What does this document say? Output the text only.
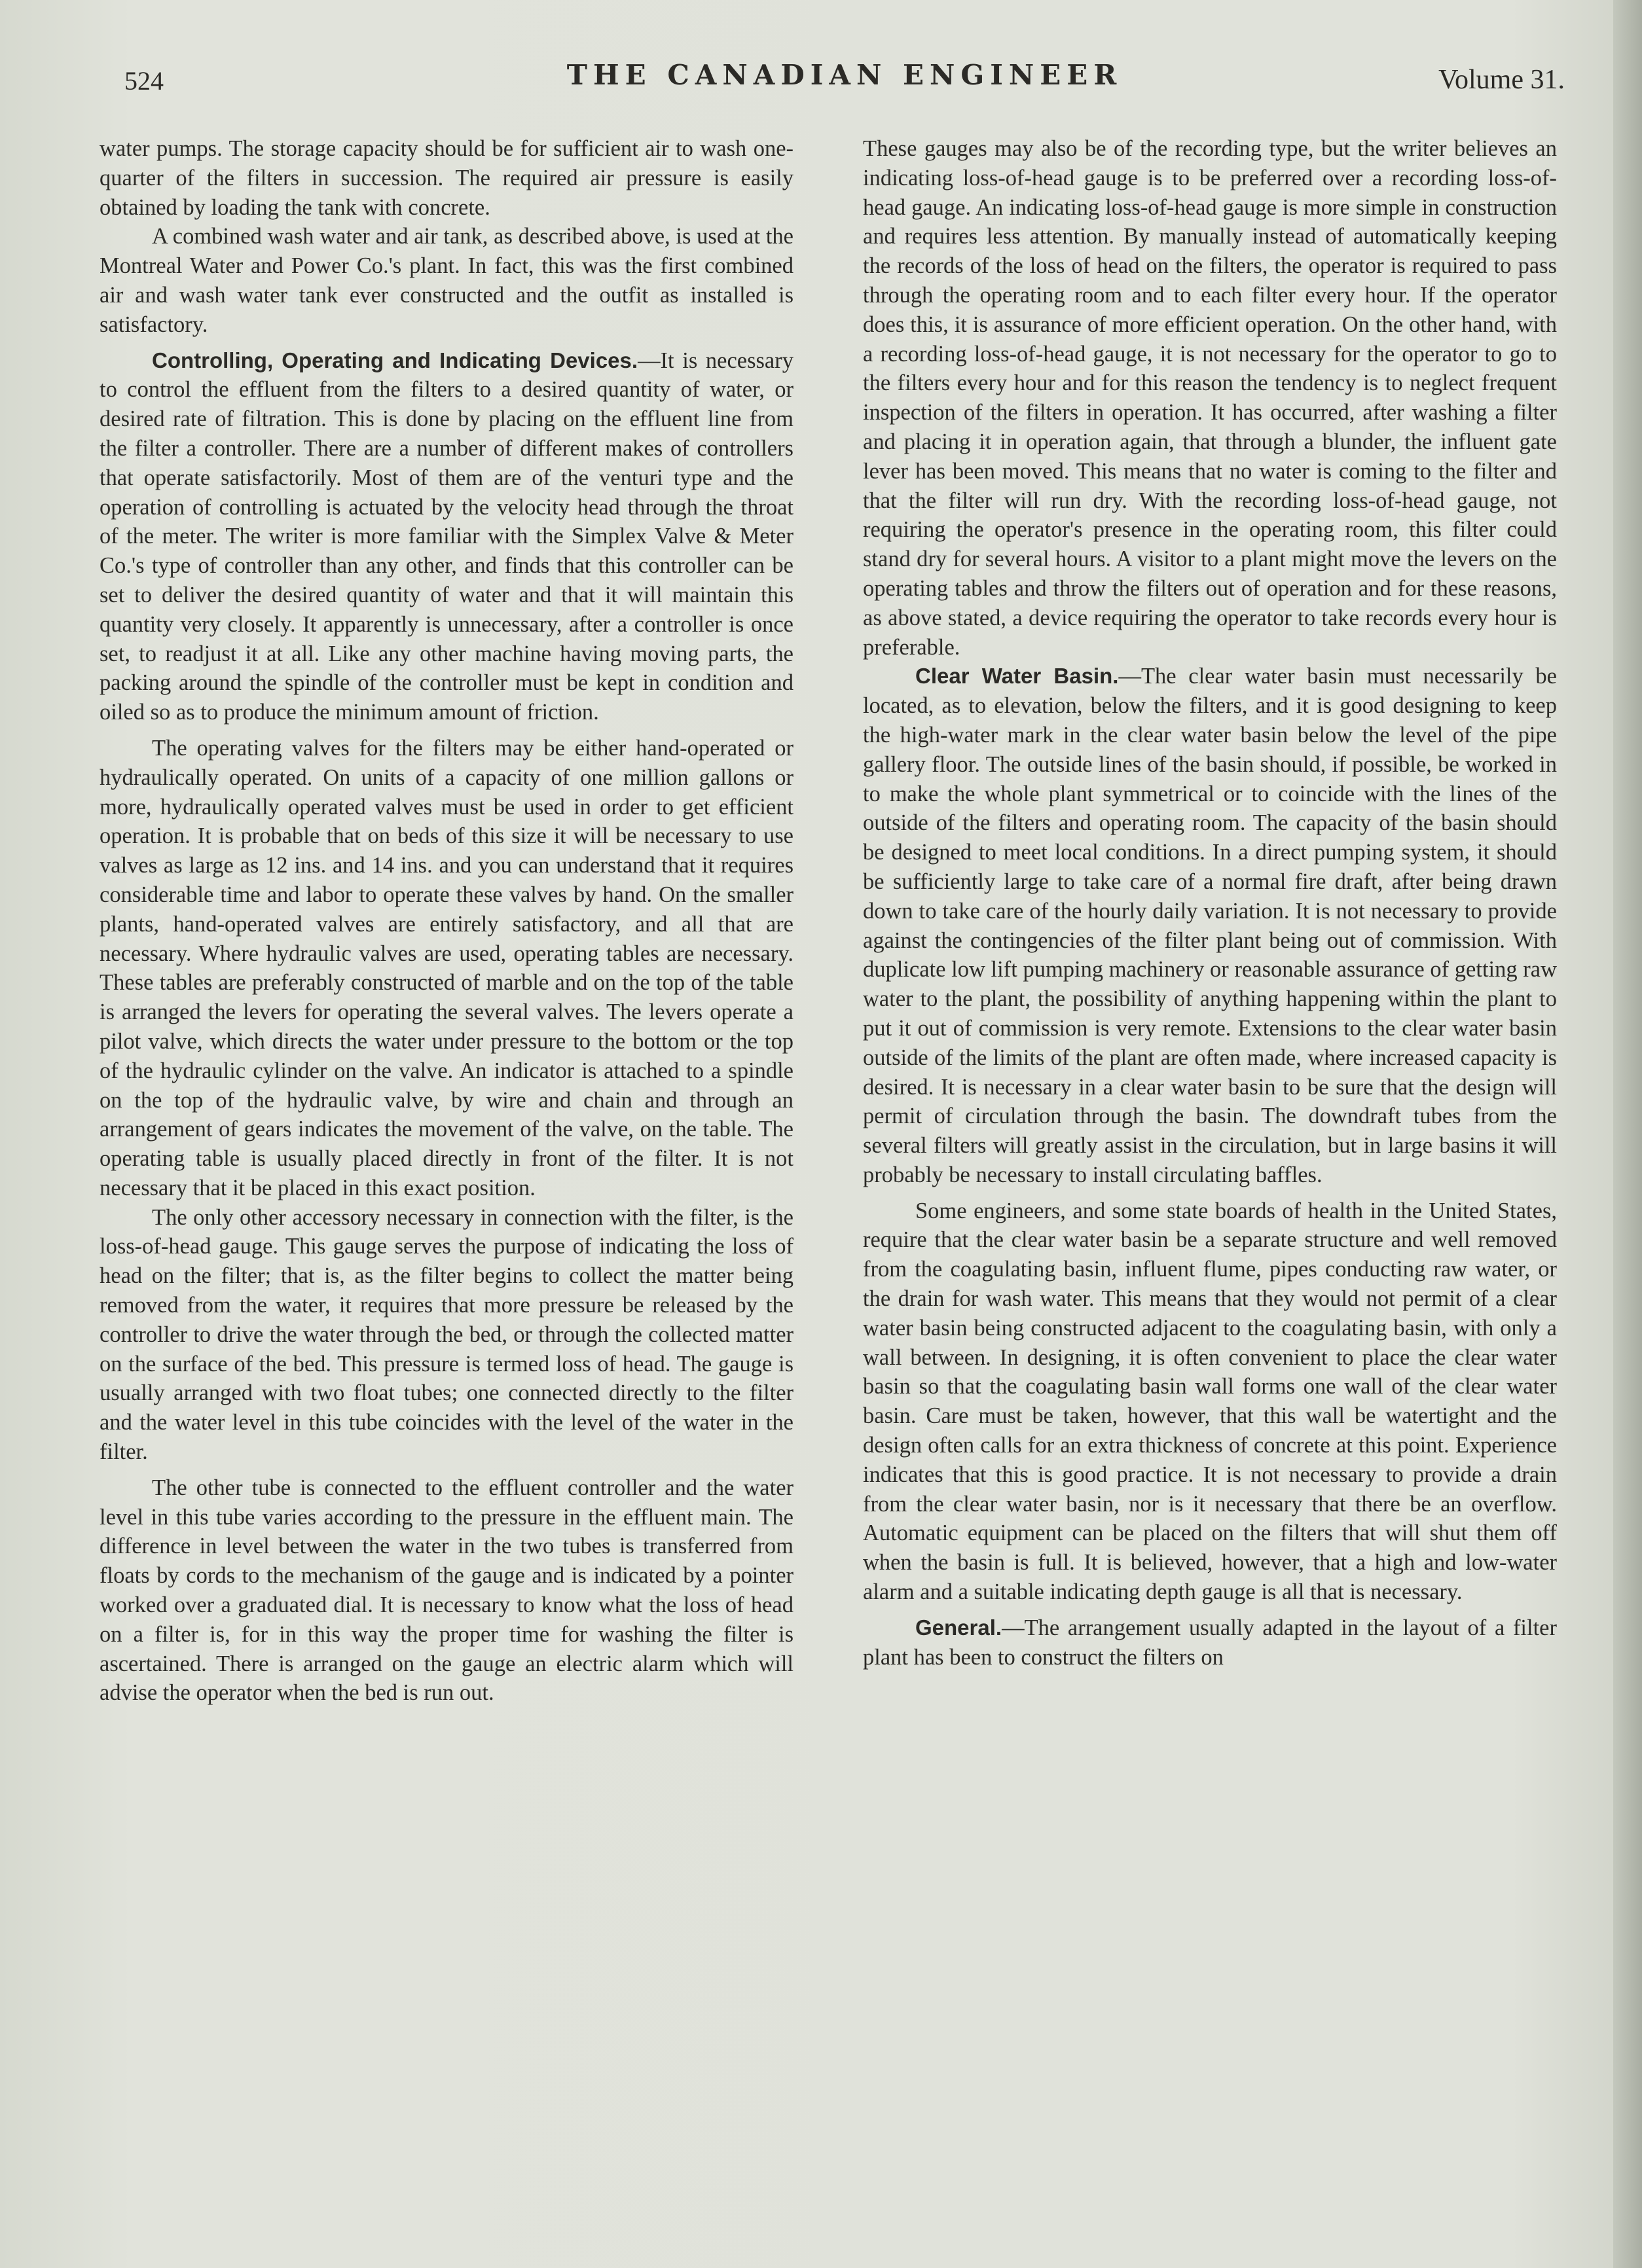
524	THE CANADIAN ENGINEER	Volume 31.

water pumps. The storage capacity should be for sufficient air to wash one-quarter of the filters in succession. The required air pressure is easily obtained by loading the tank with concrete.

A combined wash water and air tank, as described above, is used at the Montreal Water and Power Co.'s plant. In fact, this was the first combined air and wash water tank ever constructed and the outfit as installed is satisfactory.

Controlling, Operating and Indicating Devices.—It is necessary to control the effluent from the filters to a desired quantity of water, or desired rate of filtration. This is done by placing on the effluent line from the filter a controller. There are a number of different makes of controllers that operate satisfactorily. Most of them are of the venturi type and the operation of controlling is actuated by the velocity head through the throat of the meter. The writer is more familiar with the Simplex Valve & Meter Co.'s type of controller than any other, and finds that this controller can be set to deliver the desired quantity of water and that it will maintain this quantity very closely. It apparently is unnecessary, after a controller is once set, to readjust it at all. Like any other machine having moving parts, the packing around the spindle of the controller must be kept in condition and oiled so as to produce the minimum amount of friction.

The operating valves for the filters may be either hand-operated or hydraulically operated. On units of a capacity of one million gallons or more, hydraulically operated valves must be used in order to get efficient operation. It is probable that on beds of this size it will be necessary to use valves as large as 12 ins. and 14 ins. and you can understand that it requires considerable time and labor to operate these valves by hand. On the smaller plants, hand-operated valves are entirely satisfactory, and all that are necessary. Where hydraulic valves are used, operating tables are necessary. These tables are preferably constructed of marble and on the top of the table is arranged the levers for operating the several valves. The levers operate a pilot valve, which directs the water under pressure to the bottom or the top of the hydraulic cylinder on the valve. An indicator is attached to a spindle on the top of the hydraulic valve, by wire and chain and through an arrangement of gears indicates the movement of the valve, on the table. The operating table is usually placed directly in front of the filter. It is not necessary that it be placed in this exact position.

The only other accessory necessary in connection with the filter, is the loss-of-head gauge. This gauge serves the purpose of indicating the loss of head on the filter; that is, as the filter begins to collect the matter being removed from the water, it requires that more pressure be released by the controller to drive the water through the bed, or through the collected matter on the surface of the bed. This pressure is termed loss of head. The gauge is usually arranged with two float tubes; one connected directly to the filter and the water level in this tube coincides with the level of the water in the filter.

The other tube is connected to the effluent controller and the water level in this tube varies according to the pressure in the effluent main. The difference in level between the water in the two tubes is transferred from floats by cords to the mechanism of the gauge and is indicated by a pointer worked over a graduated dial. It is necessary to know what the loss of head on a filter is, for in this way the proper time for washing the filter is ascertained. There is arranged on the gauge an electric alarm which will advise the operator when the bed is run out.

These gauges may also be of the recording type, but the writer believes an indicating loss-of-head gauge is to be preferred over a recording loss-of-head gauge. An indicating loss-of-head gauge is more simple in construction and requires less attention. By manually instead of automatically keeping the records of the loss of head on the filters, the operator is required to pass through the operating room and to each filter every hour. If the operator does this, it is assurance of more efficient operation. On the other hand, with a recording loss-of-head gauge, it is not necessary for the operator to go to the filters every hour and for this reason the tendency is to neglect frequent inspection of the filters in operation. It has occurred, after washing a filter and placing it in operation again, that through a blunder, the influent gate lever has been moved. This means that no water is coming to the filter and that the filter will run dry. With the recording loss-of-head gauge, not requiring the operator's presence in the operating room, this filter could stand dry for several hours. A visitor to a plant might move the levers on the operating tables and throw the filters out of operation and for these reasons, as above stated, a device requiring the operator to take records every hour is preferable.

Clear Water Basin.—The clear water basin must necessarily be located, as to elevation, below the filters, and it is good designing to keep the high-water mark in the clear water basin below the level of the pipe gallery floor. The outside lines of the basin should, if possible, be worked in to make the whole plant symmetrical or to coincide with the lines of the outside of the filters and operating room. The capacity of the basin should be designed to meet local conditions. In a direct pumping system, it should be sufficiently large to take care of a normal fire draft, after being drawn down to take care of the hourly daily variation. It is not necessary to provide against the contingencies of the filter plant being out of commission. With duplicate low lift pumping machinery or reasonable assurance of getting raw water to the plant, the possibility of anything happening within the plant to put it out of commission is very remote. Extensions to the clear water basin outside of the limits of the plant are often made, where increased capacity is desired. It is necessary in a clear water basin to be sure that the design will permit of circulation through the basin. The downdraft tubes from the several filters will greatly assist in the circulation, but in large basins it will probably be necessary to install circulating baffles.

Some engineers, and some state boards of health in the United States, require that the clear water basin be a separate structure and well removed from the coagulating basin, influent flume, pipes conducting raw water, or the drain for wash water. This means that they would not permit of a clear water basin being constructed adjacent to the coagulating basin, with only a wall between. In designing, it is often convenient to place the clear water basin so that the coagulating basin wall forms one wall of the clear water basin. Care must be taken, however, that this wall be watertight and the design often calls for an extra thickness of concrete at this point. Experience indicates that this is good practice. It is not necessary to provide a drain from the clear water basin, nor is it necessary that there be an overflow. Automatic equipment can be placed on the filters that will shut them off when the basin is full. It is believed, however, that a high and low-water alarm and a suitable indicating depth gauge is all that is necessary.

General.—The arrangement usually adapted in the layout of a filter plant has been to construct the filters on
